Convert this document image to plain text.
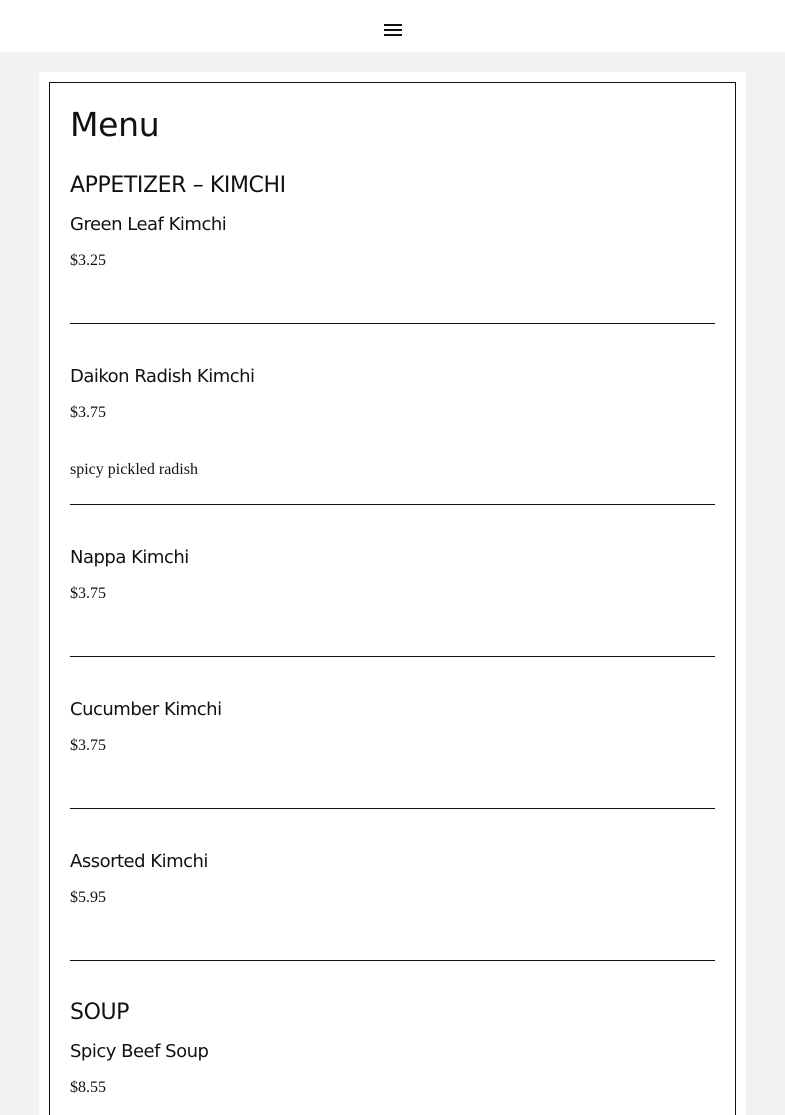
Menu
APPETIZER – KIMCHI
Green Leaf Kimchi
$3.25
Daikon Radish Kimchi
$3.75
spicy pickled radish
Nappa Kimchi
$3.75
Cucumber Kimchi
$3.75
Assorted Kimchi
$5.95
SOUP
Spicy Beef Soup
$8.55
